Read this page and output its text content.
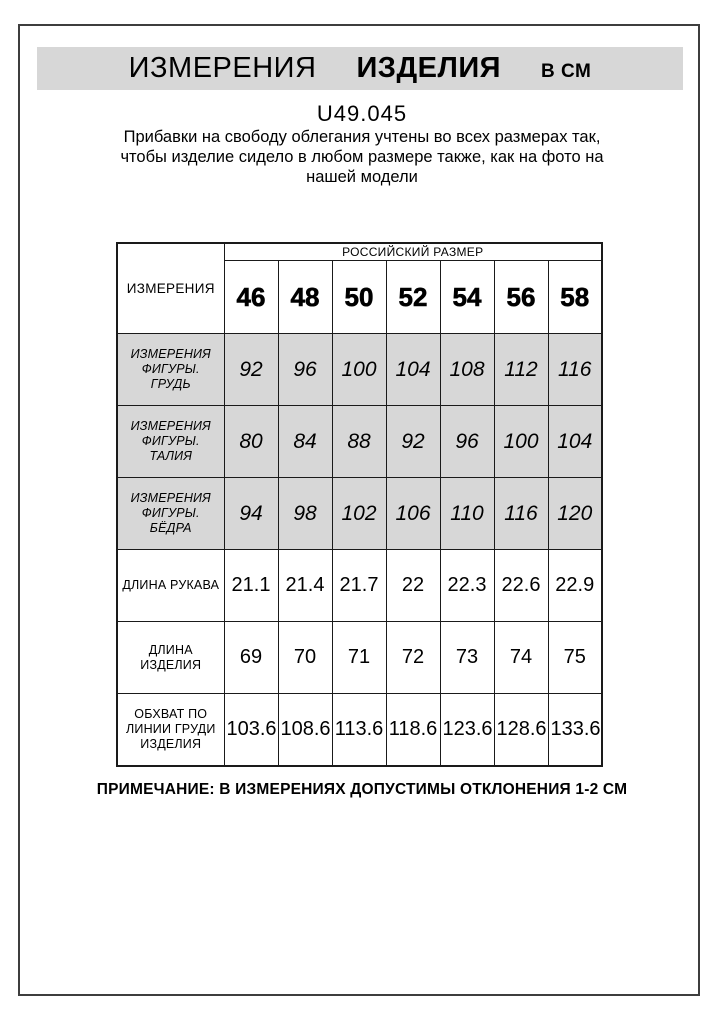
ИЗМЕРЕНИЯ ИЗДЕЛИЯ В СМ
U49.045
Прибавки на свободу облегания учтены во всех размерах так,
чтобы изделие сидело в любом размере также, как на фото на
нашей модели
ИЗМЕРЕНИЯ	РОССИЙСКИЙ РАЗМЕР						
	46	48	50	52	54	56	58
ИЗМЕРЕНИЯ ФИГУРЫ. ГРУДЬ	92	96	100	104	108	112	116
ИЗМЕРЕНИЯ ФИГУРЫ. ТАЛИЯ	80	84	88	92	96	100	104
ИЗМЕРЕНИЯ ФИГУРЫ. БЁДРА	94	98	102	106	110	116	120
ДЛИНА РУКАВА	21.1	21.4	21.7	22	22.3	22.6	22.9
ДЛИНА ИЗДЕЛИЯ	69	70	71	72	73	74	75
ОБХВАТ ПО ЛИНИИ ГРУДИ ИЗДЕЛИЯ	103.6	108.6	113.6	118.6	123.6	128.6	133.6
ПРИМЕЧАНИЕ: В ИЗМЕРЕНИЯХ ДОПУСТИМЫ ОТКЛОНЕНИЯ 1-2 СМ
